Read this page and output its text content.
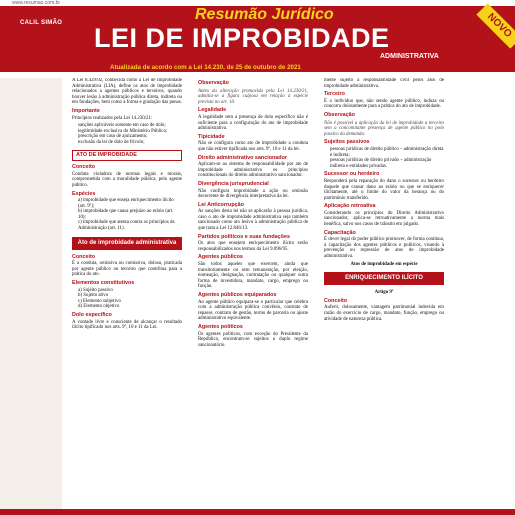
www.resumao.com.br
CALIL SIMÃO	Resumão Jurídico
LEI DE IMPROBIDADE
ADMINISTRATIVA
Atualizada de acordo com a Lei 14.230, de 25 de outubro de 2021
NOVO

A Lei 8.429/92, conhecida como a Lei de Improbidade Administrativa (LIA), define os atos de improbidade relacionados a agentes públicos e terceiros, quando houver lesão à administração pública direta, indireta ou em fundações, bem como a forma e gradação das penas.

Importante

Princípios realizados pela Lei 14.230/21:

• sanções aplicáveis somente em caso de dolo;
• legitimidade exclusiva do Ministério Público;
• prescrição em caso de ajuizamento;
• exclusão da lei de dolo de frívolo;
ATO DE IMPROBIDADE
Conceito

Conduta violadora de normas legais e morais, comprometida com a moralidade pública, pelo agente público.

Espécies
• a) improbidade que enseja enriquecimento ilícito (art. 9º);
• b) improbidade que causa prejuízo ao erário (art. 10);
• c) improbidade que atenta contra os princípios da Administração (art. 11).
Ato de improbidade administrativa
Conceito

É a conduta, omissiva ou comissiva, dolosa, praticada por agente público ou terceiro que contribua para a prática do ato.

Elementos constitutivos
• a) Sujeito passivo
• b) Sujeito ativo
• c) Elemento subjetivo
• d) Elemento objetivo
Dolo específico

A vontade livre e consciente de alcançar o resultado ilícito tipificado nos arts. 9º, 10 e 11 da Lei.

Observação

Antes da alteração promovida pela Lei 14.230/21, admitia-se a figura culposa em relação à espécie prevista no art. 10.

Legalidade

A legalidade sem a presença de dolo específico não é suficiente para a configuração do ato de improbidade administrativa.

Tipicidade

Não se configura como ato de improbidade a conduta que não estiver tipificada nos arts. 9º, 10 e 11 da lei.

Direito administrativo sancionador

Aplicam-se ao sistema de responsabilidade por ato de improbidade administrativa os princípios constitucionais do direito administrativo sancionador.

Divergência jurisprudencial

Não configura improbidade a ação ou omissão decorrente de divergência interpretativa da lei.

Lei Anticorrupção

As sanções desta lei não se aplicarão à pessoa jurídica, caso o ato de improbidade administrativa seja também sancionado como ato lesivo à administração pública de que trata a Lei 12.846/13.

Partidos políticos e suas fundações

Os atos que ensejem enriquecimento ilícito serão responsabilizados nos termos da Lei 9.096/95.

Agentes públicos

São todos aqueles que exercem, ainda que transitoriamente ou sem remuneração, por eleição, nomeação, designação, contratação ou qualquer outra forma de investidura, mandato, cargo, emprego ou função.

Agentes públicos equiparados

Ao agente público equipara-se o particular que celebra com a administração pública convênio, contrato de repasse, contrato de gestão, termo de parceria ou ajuste administrativo equivalente.

Agentes políticos

Os agentes políticos, com exceção do Presidente da República, encontram-se sujeitos a duplo regime sancionatório.

mente sujeito à responsabilidade civil pelos atos de improbidade administrativa.

Terceiro

É o indivíduo que, não sendo agente público, induza ou concorra dolosamente para a prática do ato de improbidade.

Observação

Não é possível a aplicação da lei de improbidade a terceiro sem a concomitante presença de agente público no polo passivo da demanda.

Sujeitos passivos
• pessoas jurídicas de direito público – administração direta e indireta;
• pessoas jurídicas de direito privado – administração indireta e entidades privadas.
Sucessor ou herdeiro

Responderá pela reparação do dano o sucessor ou herdeiro daquele que causar dano ao erário ou que se enriquecer ilicitamente, até o limite do valor da herança ou do patrimônio transferido.

Aplicação retroativa

Considerando os princípios do Direito Administrativo sancionador, aplica-se retroativamente a norma mais benéfica, salvo nos casos de trânsito em julgado.

Capacitação

É dever legal do poder público promover, de forma contínua, a capacitação dos agentes públicos e políticos, visando à prevenção ou repressão de atos de improbidade administrativa.

Atos de improbidade em espécie

ENRIQUECIMENTO ILÍCITO

Artigo 9º

Conceito

Auferir, dolosamente, vantagem patrimonial indevida em razão do exercício de cargo, mandato, função, emprego ou atividade de natureza pública.
